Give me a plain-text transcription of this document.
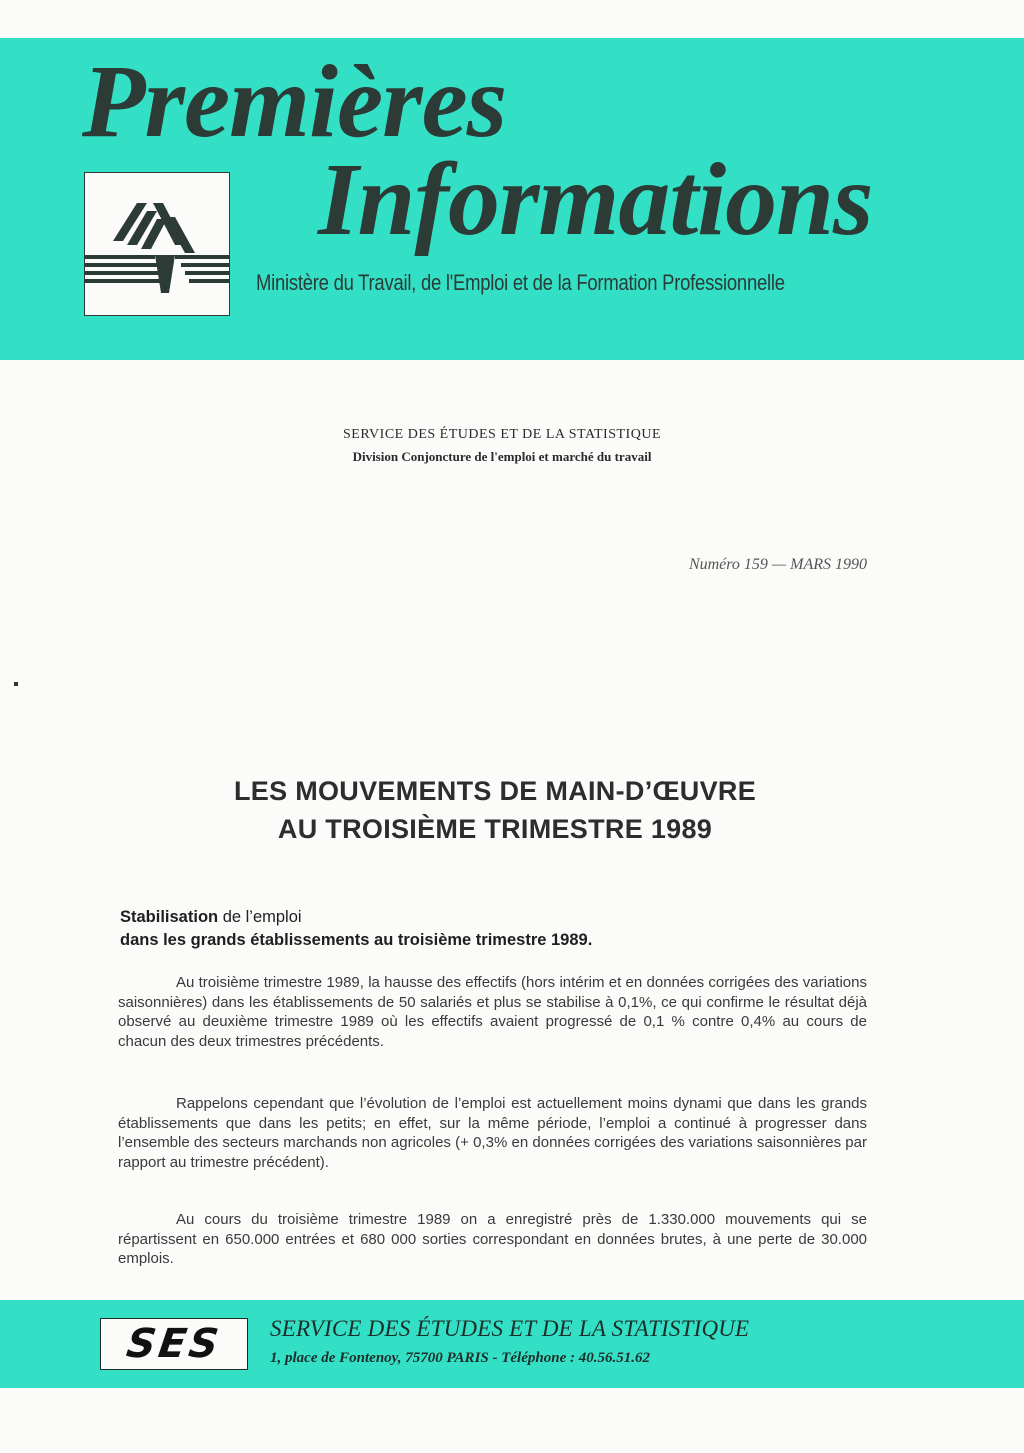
Premières
Informations
Ministère du Travail, de l'Emploi et de la Formation Professionnelle
SERVICE DES ÉTUDES ET DE LA STATISTIQUE
Division Conjoncture de l'emploi et marché du travail
Numéro 159 — MARS 1990
LES MOUVEMENTS DE MAIN-D’ŒUVRE
AU TROISIÈME TRIMESTRE 1989
Stabilisation de l’emploi
dans les grands établissements au troisième trimestre 1989.

Au troisième trimestre 1989, la hausse des effectifs (hors intérim et en données corrigées des variations saisonnières) dans les établissements de 50 salariés et plus se stabilise à 0,1%, ce qui confirme le résultat déjà observé au deuxième trimestre 1989 où les effectifs avaient progressé de 0,1 % contre 0,4% au cours de chacun des deux trimestres précédents.

Rappelons cependant que l’évolution de l’emploi est actuellement moins dynami que dans les grands établissements que dans les petits; en effet, sur la même période, l’emploi a continué à progresser dans l’ensemble des secteurs marchands non agricoles (+ 0,3% en données corrigées des variations saisonnières par rapport au trimestre précédent).

Au cours du troisième trimestre 1989 on a enregistré près de 1.330.000 mouvements qui se répartissent en 650.000 entrées et 680 000 sorties correspondant en données brutes, à une perte de 30.000 emplois.

SES SERVICE DES ÉTUDES ET DE LA STATISTIQUE
1, place de Fontenoy, 75700 PARIS - Téléphone : 40.56.51.62
